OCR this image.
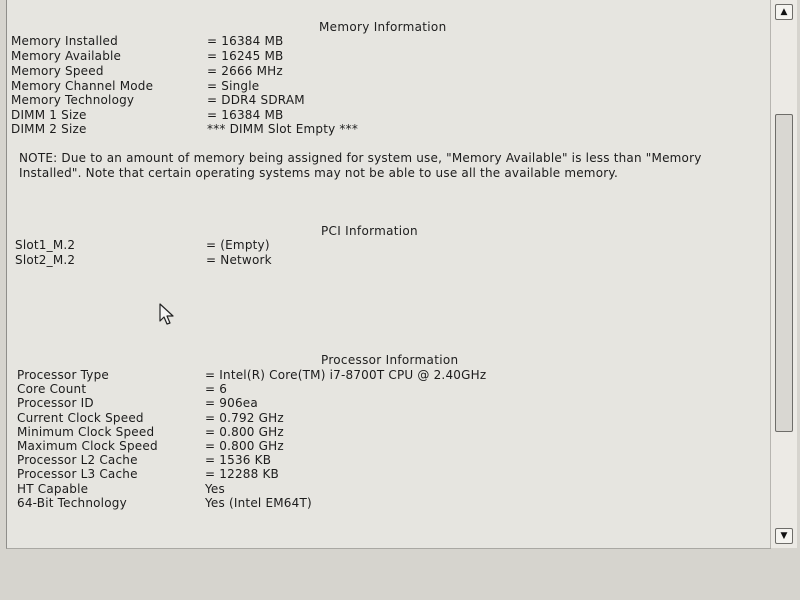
Memory Information
Memory Installed	= 16384 MB
Memory Available	= 16245 MB
Memory Speed	= 2666 MHz
Memory Channel Mode	= Single
Memory Technology	= DDR4 SDRAM
DIMM 1 Size	= 16384 MB
DIMM 2 Size	*** DIMM Slot Empty ***
NOTE: Due to an amount of memory being assigned for system use, "Memory Available" is less than "Memory Installed". Note that certain operating systems may not be able to use all the available memory.
PCI Information
Slot1_M.2	= (Empty)
Slot2_M.2	= Network
Processor Information
Processor Type	= Intel(R) Core(TM) i7-8700T CPU @ 2.40GHz
Core Count	= 6
Processor ID	= 906ea
Current Clock Speed	= 0.792 GHz
Minimum Clock Speed	= 0.800 GHz
Maximum Clock Speed	= 0.800 GHz
Processor L2 Cache	= 1536 KB
Processor L3 Cache	= 12288 KB
HT Capable	Yes
64-Bit Technology	Yes (Intel EM64T)
▲
▼
